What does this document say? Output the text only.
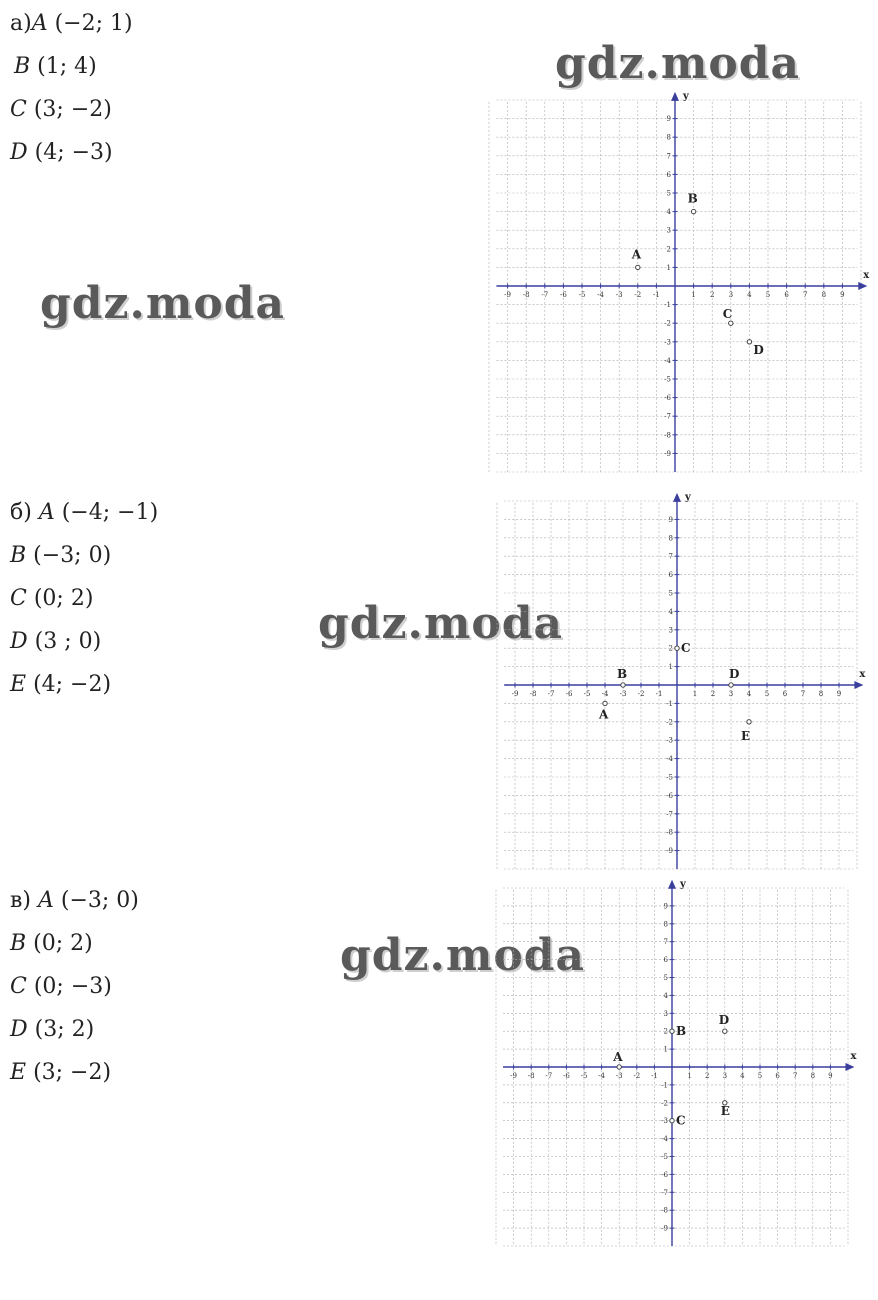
а)A (−2; 1)
B (1; 4)
C (3; −2)
D (4; −3)
gdz.moda
gdz.moda
x
y
-9
-9
-8
-8
-7
-7
-6
-6
-5
-5
-4
-4
-3
-3
-2
-2
-1
-1
1
1
2
2
3
3
4
4
5
5
6
6
7
7
8
8
9
9
A
B
C
D
б) A (−4; −1)
B (−3; 0)
C (0; 2)
D (3 ; 0)
E (4; −2)
gdz.moda
x
y
-9
-9
-8
-8
-7
-7
-6
-6
-5
-5
-4
-4
-3
-3
-2
-2
-1
-1
1
1
2
2
3
3
4
4
5
5
6
6
7
7
8
8
9
9
A
B
C
D
E
в) A (−3; 0)
B (0; 2)
C (0; −3)
D (3; 2)
E (3; −2)
gdz.moda
x
y
-9
-9
-8
-8
-7
-7
-6
-6
-5
-5
-4
-4
-3
-3
-2
-2
-1
-1
1
1
2
2
3
3
4
4
5
5
6
6
7
7
8
8
9
9
A
B
C
D
E
